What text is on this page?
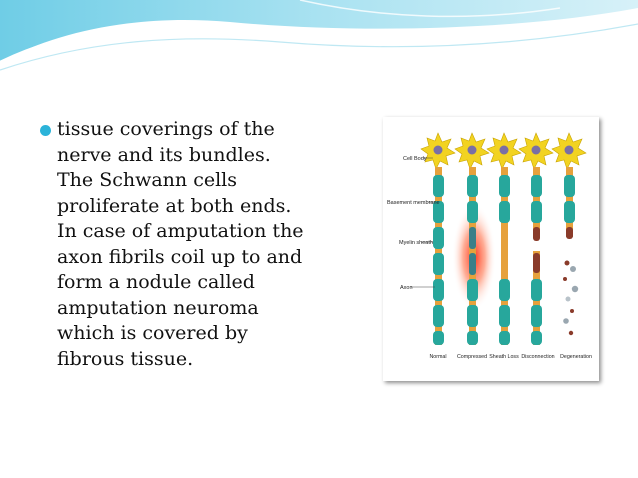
tissue coverings of the
nerve and its bundles.
The Schwann cells
proliferate at both ends.
In case of amputation the
axon fibrils coil up to and
form a nodule called
amputation neuroma
which is covered by
fibrous tissue.
Cell Body
Basement membrane
Myelin sheath
Axon
Normal Compressed Sheath Loss Disconnection Degeneration
